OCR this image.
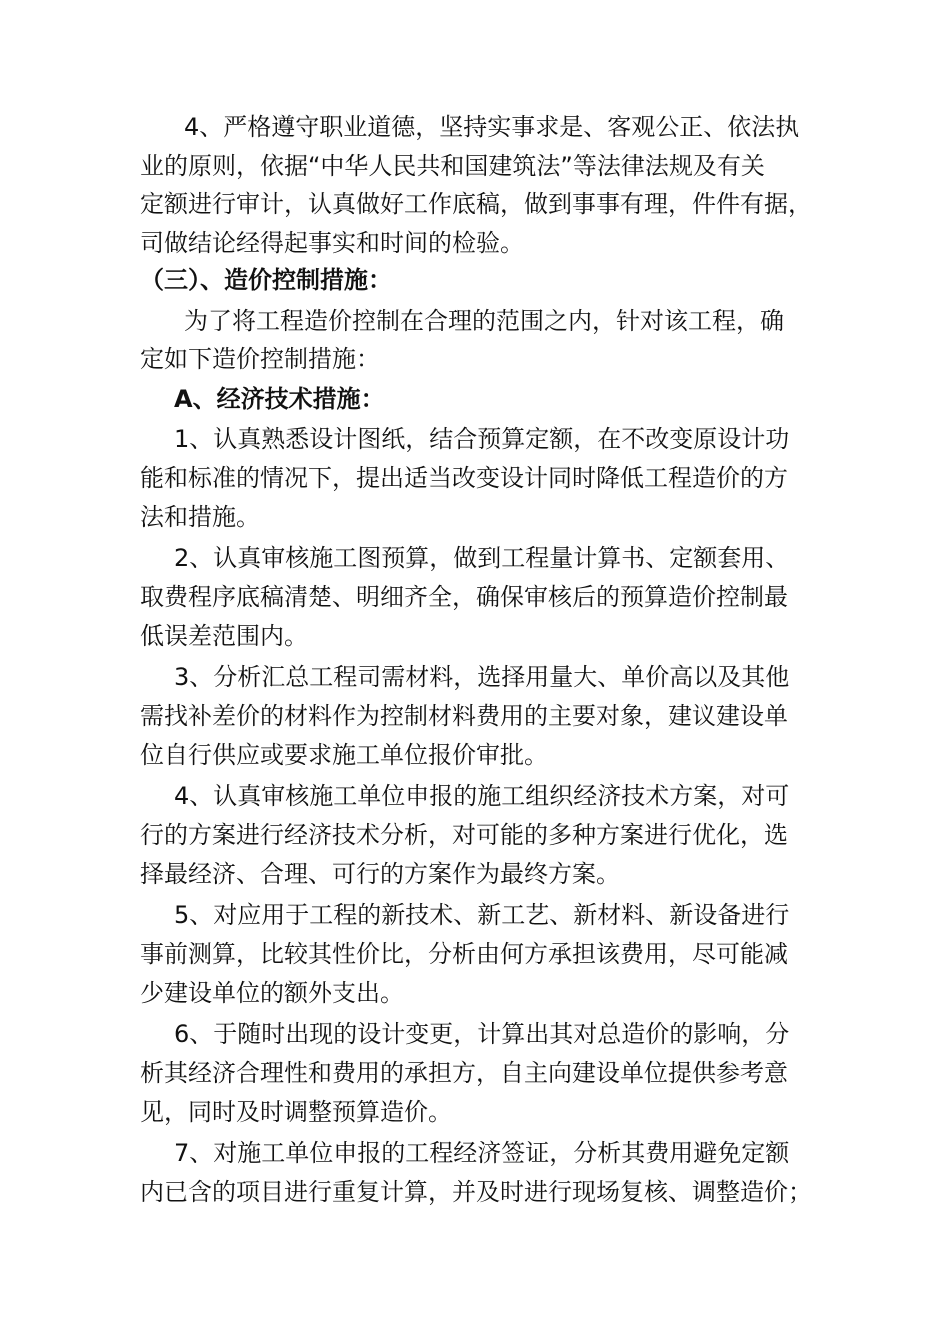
4、严格遵守职业道德，坚持实事求是、客观公正、依法执
业的原则，依据“中华人民共和国建筑法”等法律法规及有关
定额进行审计，认真做好工作底稿，做到事事有理，件件有据，
司做结论经得起事实和时间的检验。
（三）、造价控制措施：
为了将工程造价控制在合理的范围之内，针对该工程，确
定如下造价控制措施：
A、经济技术措施：
1、认真熟悉设计图纸，结合预算定额，在不改变原设计功
能和标准的情况下，提出适当改变设计同时降低工程造价的方
法和措施。
2、认真审核施工图预算，做到工程量计算书、定额套用、
取费程序底稿清楚、明细齐全，确保审核后的预算造价控制最
低误差范围内。
3、分析汇总工程司需材料，选择用量大、单价高以及其他
需找补差价的材料作为控制材料费用的主要对象，建议建设单
位自行供应或要求施工单位报价审批。
4、认真审核施工单位申报的施工组织经济技术方案，对可
行的方案进行经济技术分析，对可能的多种方案进行优化，选
择最经济、合理、可行的方案作为最终方案。
5、对应用于工程的新技术、新工艺、新材料、新设备进行
事前测算，比较其性价比，分析由何方承担该费用，尽可能减
少建设单位的额外支出。
6、于随时出现的设计变更，计算出其对总造价的影响，分
析其经济合理性和费用的承担方，自主向建设单位提供参考意
见，同时及时调整预算造价。
7、对施工单位申报的工程经济签证，分析其费用避免定额
内已含的项目进行重复计算，并及时进行现场复核、调整造价；
